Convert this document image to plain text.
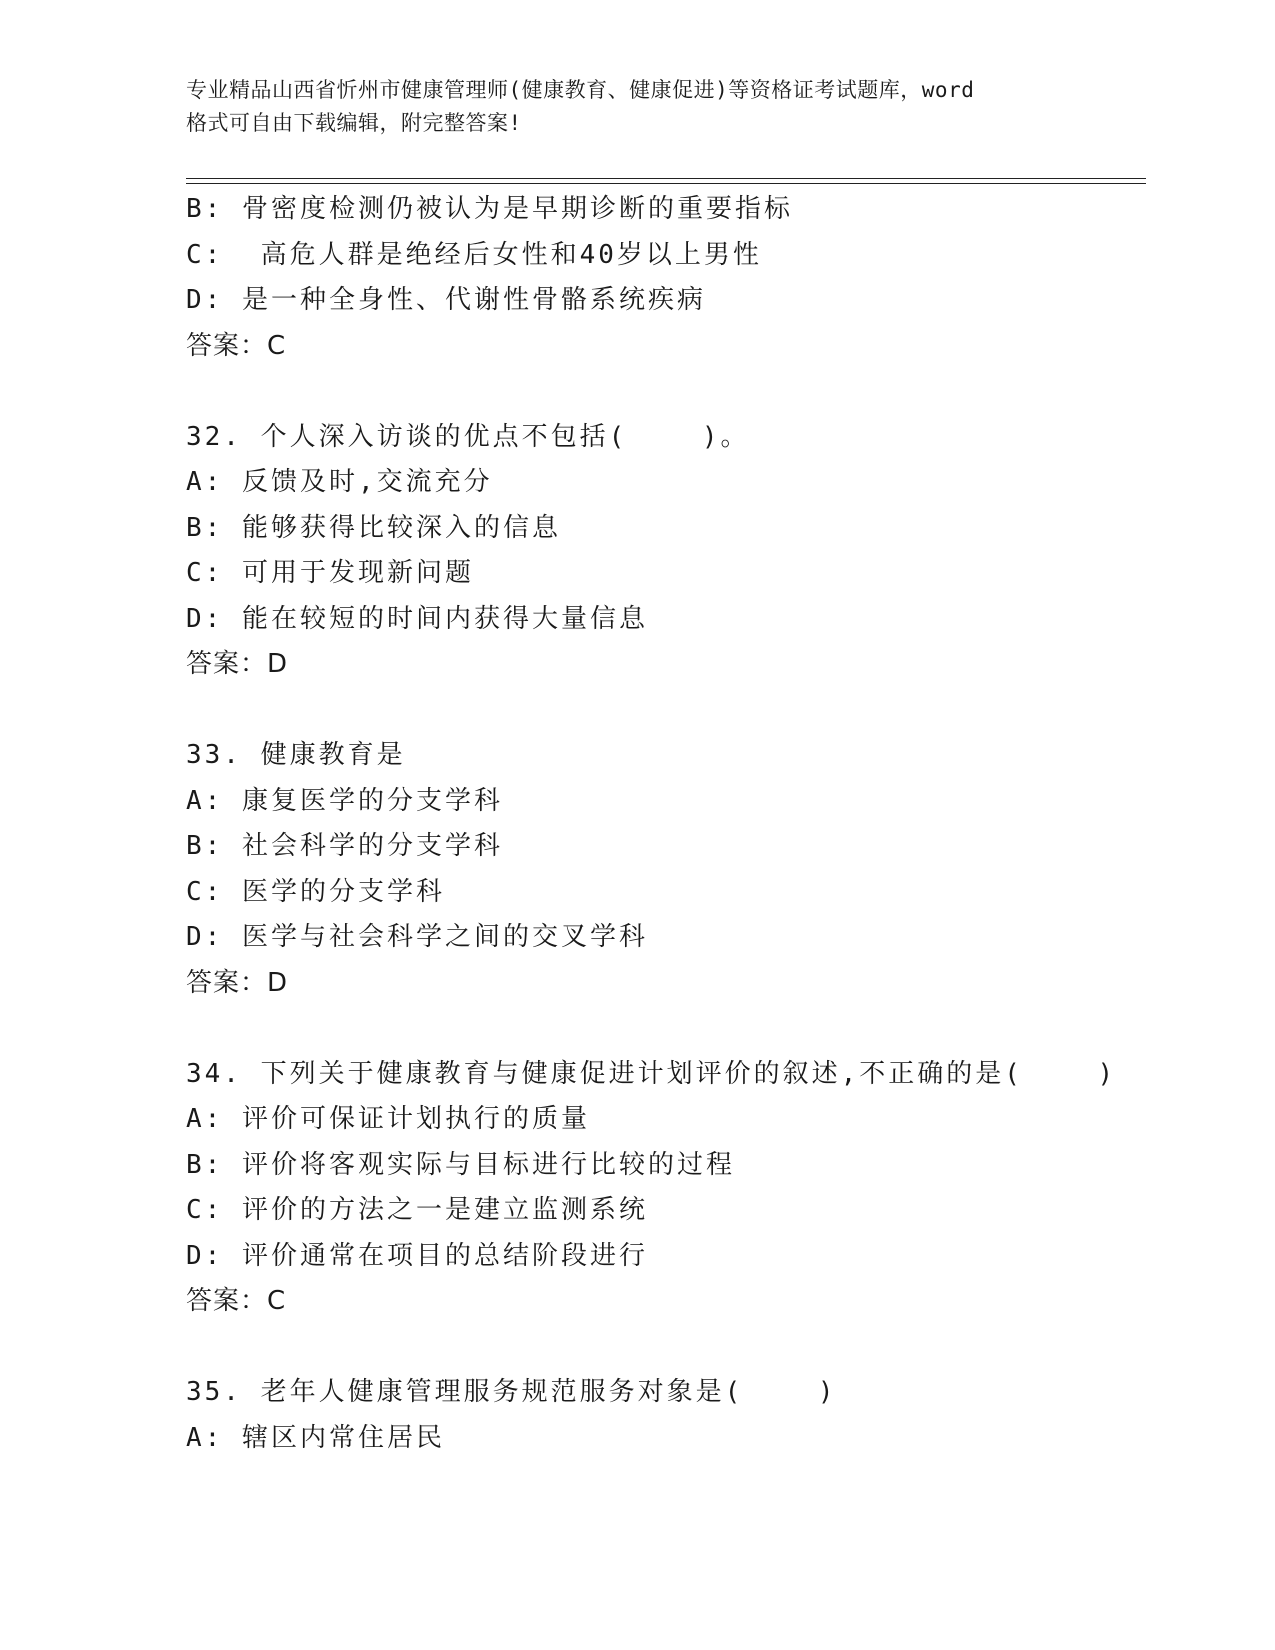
专业精品山西省忻州市健康管理师(健康教育、健康促进)等资格证考试题库，word
格式可自由下载编辑，附完整答案!
B: 骨密度检测仍被认为是早期诊断的重要指标
C:  高危人群是绝经后女性和40岁以上男性
D: 是一种全身性、代谢性骨骼系统疾病
答案：C
32. 个人深入访谈的优点不包括(    )。
A: 反馈及时,交流充分
B: 能够获得比较深入的信息
C: 可用于发现新问题
D: 能在较短的时间内获得大量信息
答案：D
33. 健康教育是
A: 康复医学的分支学科
B: 社会科学的分支学科
C: 医学的分支学科
D: 医学与社会科学之间的交叉学科
答案：D
34. 下列关于健康教育与健康促进计划评价的叙述,不正确的是(    )
A: 评价可保证计划执行的质量
B: 评价将客观实际与目标进行比较的过程
C: 评价的方法之一是建立监测系统
D: 评价通常在项目的总结阶段进行
答案：C
35. 老年人健康管理服务规范服务对象是(    )
A: 辖区内常住居民
